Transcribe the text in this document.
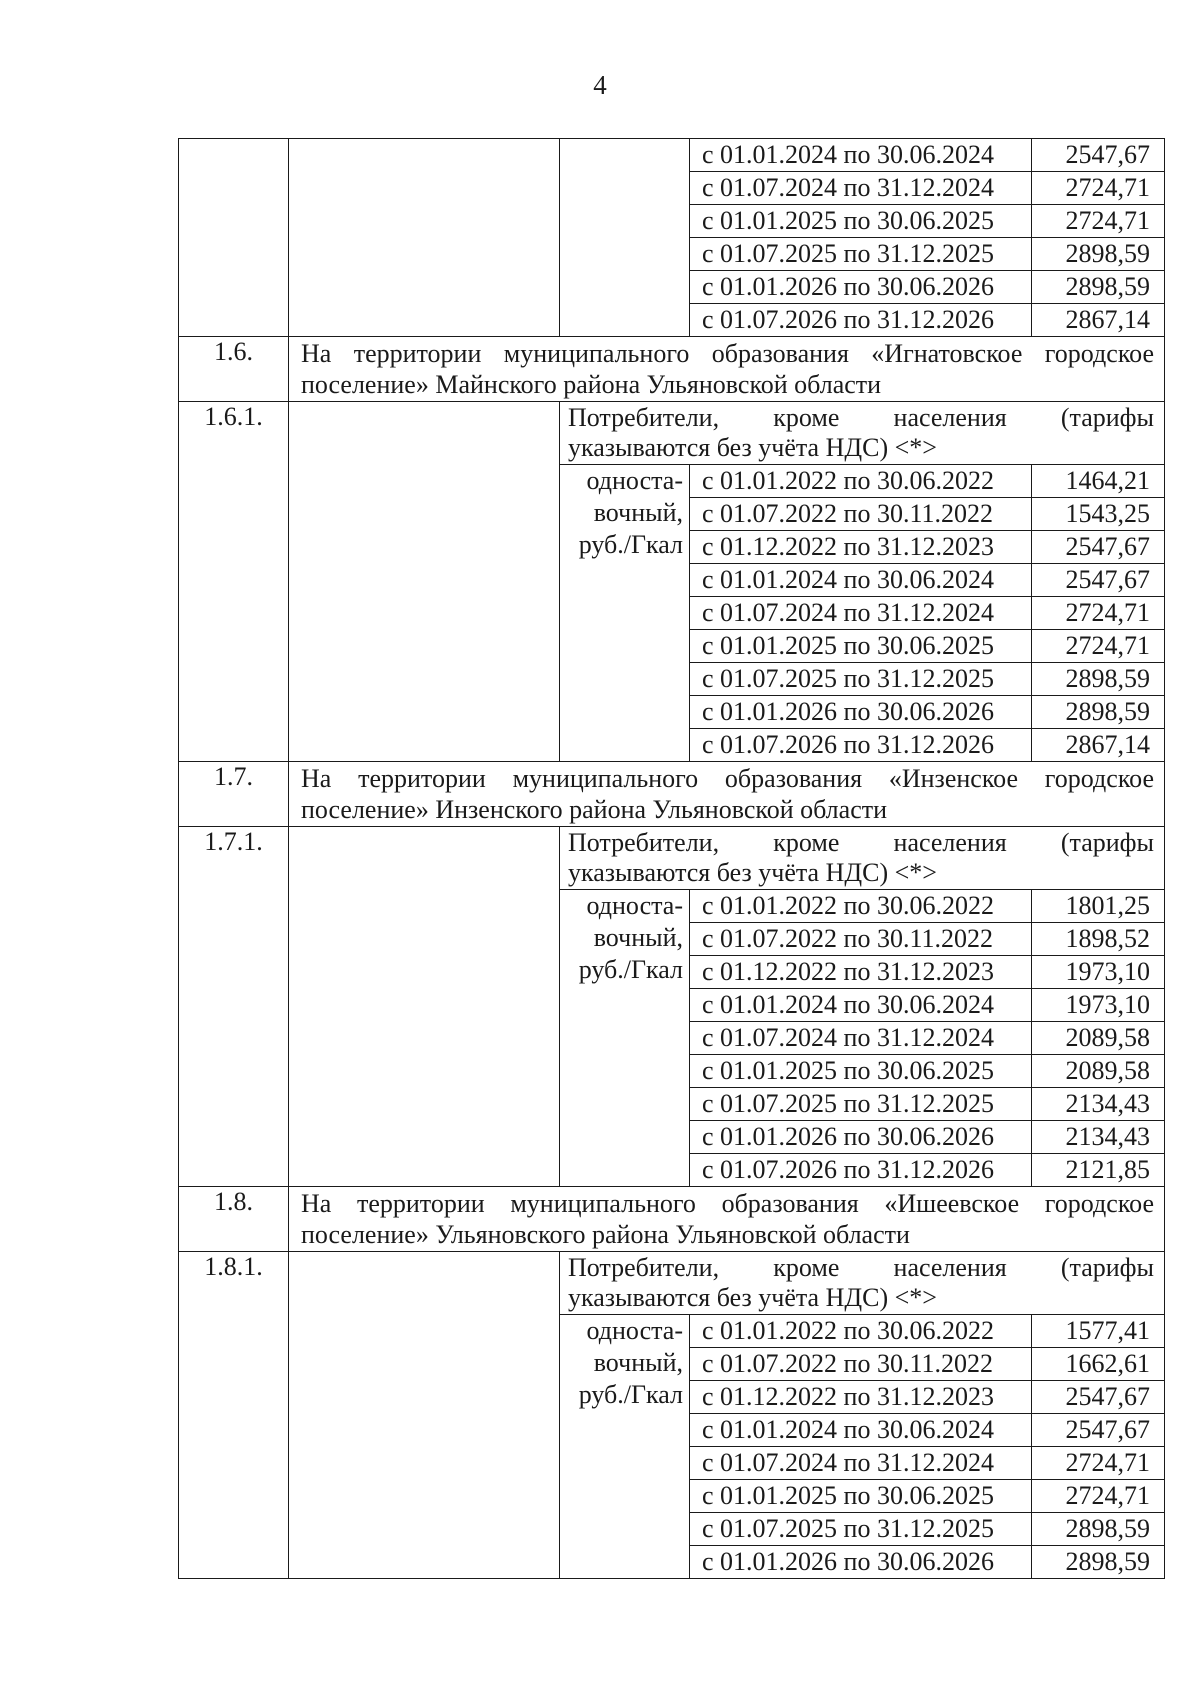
4
			с 01.01.2024 по 30.06.2024	2547,67
			с 01.07.2024 по 31.12.2024	2724,71
			с 01.01.2025 по 30.06.2025	2724,71
			с 01.07.2025 по 31.12.2025	2898,59
			с 01.01.2026 по 30.06.2026	2898,59
			с 01.07.2026 по 31.12.2026	2867,14
1.6.	На территории муниципального образования «Игнатовское городское поселение» Майнского района Ульяновской области			
1.6.1.		Потребители, кроме населения (тарифы указываются без учёта НДС) <*>		
		односта-вочный, руб./Гкал	с 01.01.2022 по 30.06.2022	1464,21
			с 01.07.2022 по 30.11.2022	1543,25
			с 01.12.2022 по 31.12.2023	2547,67
			с 01.01.2024 по 30.06.2024	2547,67
			с 01.07.2024 по 31.12.2024	2724,71
			с 01.01.2025 по 30.06.2025	2724,71
			с 01.07.2025 по 31.12.2025	2898,59
			с 01.01.2026 по 30.06.2026	2898,59
			с 01.07.2026 по 31.12.2026	2867,14
1.7.	На территории муниципального образования «Инзенское городское поселение» Инзенского района Ульяновской области			
1.7.1.		Потребители, кроме населения (тарифы указываются без учёта НДС) <*>		
		односта-вочный, руб./Гкал	с 01.01.2022 по 30.06.2022	1801,25
			с 01.07.2022 по 30.11.2022	1898,52
			с 01.12.2022 по 31.12.2023	1973,10
			с 01.01.2024 по 30.06.2024	1973,10
			с 01.07.2024 по 31.12.2024	2089,58
			с 01.01.2025 по 30.06.2025	2089,58
			с 01.07.2025 по 31.12.2025	2134,43
			с 01.01.2026 по 30.06.2026	2134,43
			с 01.07.2026 по 31.12.2026	2121,85
1.8.	На территории муниципального образования «Ишеевское городское поселение» Ульяновского района Ульяновской области			
1.8.1.		Потребители, кроме населения (тарифы указываются без учёта НДС) <*>		
		односта-вочный, руб./Гкал	с 01.01.2022 по 30.06.2022	1577,41
			с 01.07.2022 по 30.11.2022	1662,61
			с 01.12.2022 по 31.12.2023	2547,67
			с 01.01.2024 по 30.06.2024	2547,67
			с 01.07.2024 по 31.12.2024	2724,71
			с 01.01.2025 по 30.06.2025	2724,71
			с 01.07.2025 по 31.12.2025	2898,59
			с 01.01.2026 по 30.06.2026	2898,59
